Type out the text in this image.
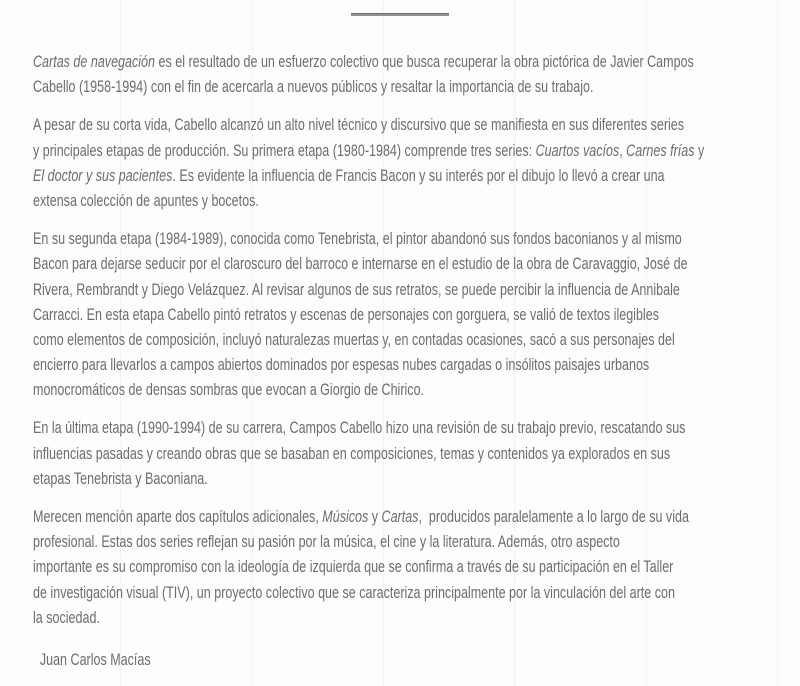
Cartas de navegación es el resultado de un esfuerzo colectivo que busca recuperar la obra pictórica de Javier Campos
Cabello (1958-1994) con el fin de acercarla a nuevos públicos y resaltar la importancia de su trabajo.
A pesar de su corta vida, Cabello alcanzó un alto nivel técnico y discursivo que se manifiesta en sus diferentes series
y principales etapas de producción. Su primera etapa (1980-1984) comprende tres series: Cuartos vacíos, Carnes frías y
El doctor y sus pacientes. Es evidente la influencia de Francis Bacon y su interés por el dibujo lo llevó a crear una
extensa colección de apuntes y bocetos.
En su segunda etapa (1984-1989), conocida como Tenebrista, el pintor abandonó sus fondos baconianos y al mismo
Bacon para dejarse seducir por el claroscuro del barroco e internarse en el estudio de la obra de Caravaggio, José de
Rivera, Rembrandt y Diego Velázquez. Al revisar algunos de sus retratos, se puede percibir la influencia de Annibale
Carracci. En esta etapa Cabello pintó retratos y escenas de personajes con gorguera, se valió de textos ilegibles
como elementos de composición, incluyó naturalezas muertas y, en contadas ocasiones, sacó a sus personajes del
encierro para llevarlos a campos abiertos dominados por espesas nubes cargadas o insólitos paisajes urbanos
monocromáticos de densas sombras que evocan a Giorgio de Chirico.
En la última etapa (1990-1994) de su carrera, Campos Cabello hizo una revisión de su trabajo previo, rescatando sus
influencias pasadas y creando obras que se basaban en composiciones, temas y contenidos ya explorados en sus
etapas Tenebrista y Baconiana.
Merecen mención aparte dos capítulos adicionales, Músicos y Cartas,  producidos paralelamente a lo largo de su vida
profesional. Estas dos series reflejan su pasión por la música, el cine y la literatura. Además, otro aspecto
importante es su compromiso con la ideología de izquierda que se confirma a través de su participación en el Taller
de investigación visual (TIV), un proyecto colectivo que se caracteriza principalmente por la vinculación del arte con
la sociedad.
Juan Carlos Macías
